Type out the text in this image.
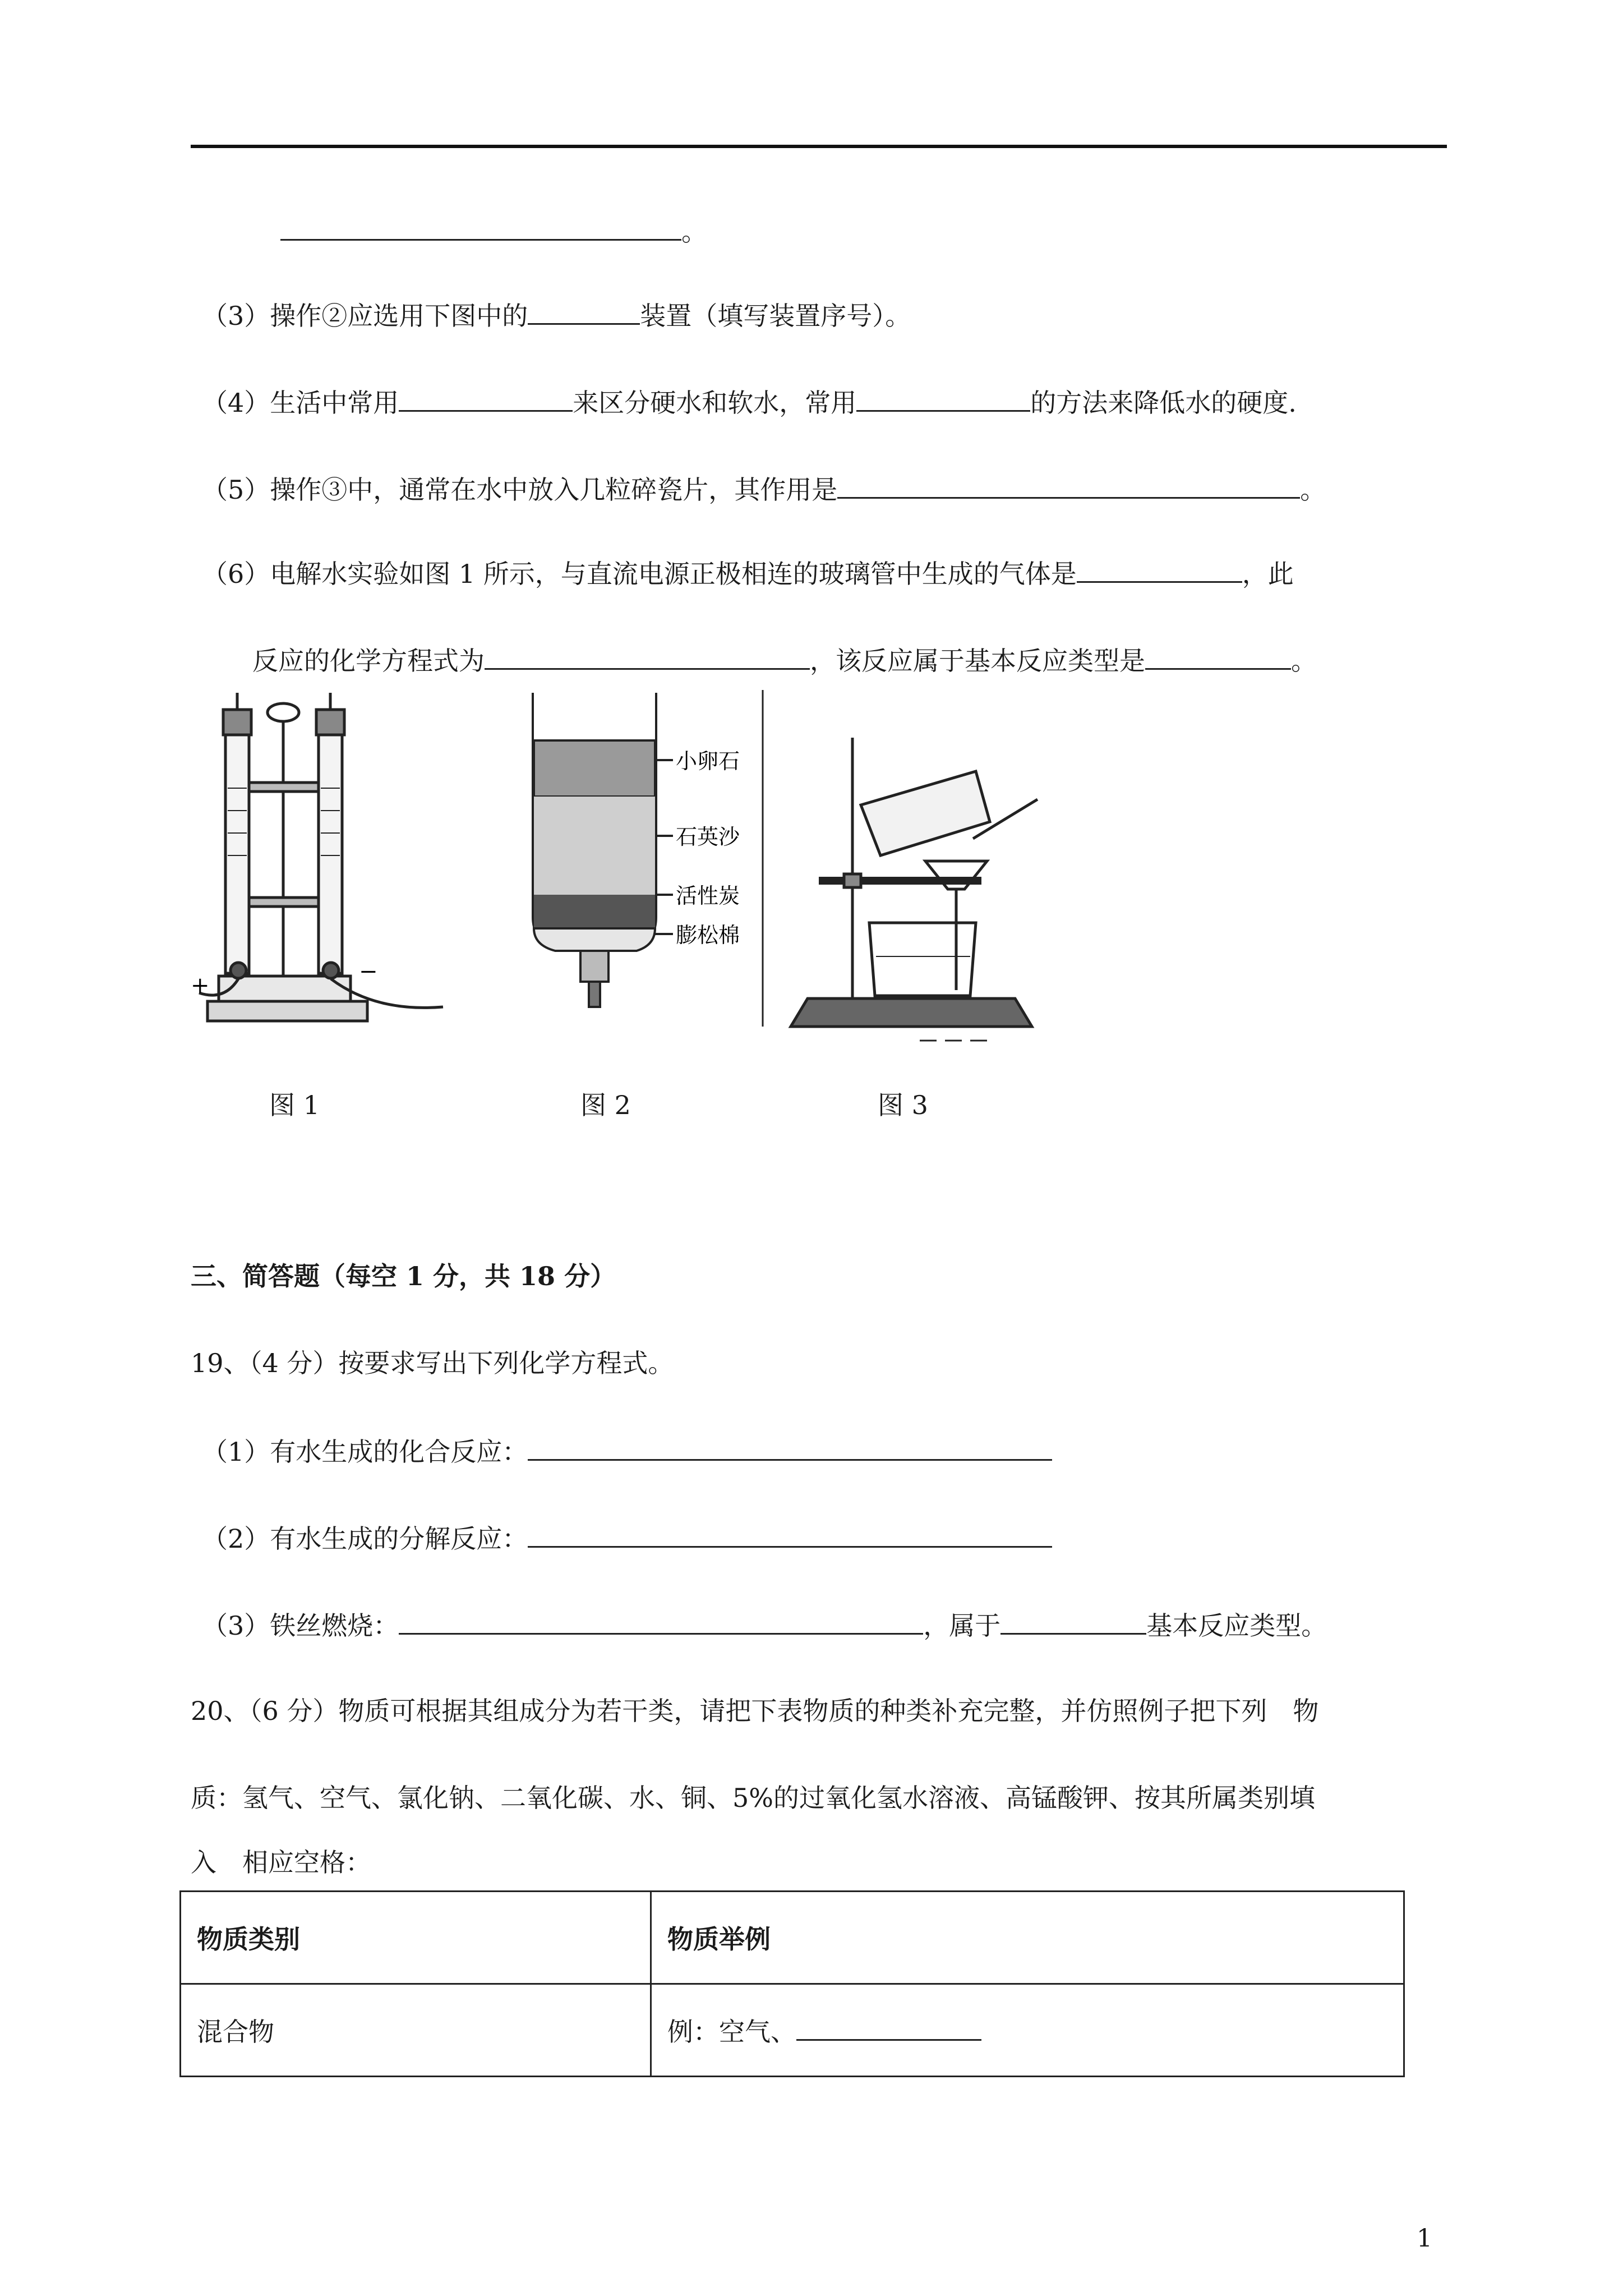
。
（3）操作②应选用下图中的	装置（填写装置序号）。
（4）生活中常用	来区分硬水和软水，常用	的方法来降低水的硬度.
（5）操作③中，通常在水中放入几粒碎瓷片，其作用是	。
（6）电解水实验如图 1 所示，与直流电源正极相连的玻璃管中生成的气体是	，此
反应的化学方程式为	，该反应属于基本反应类型是	。
+
−
小卵石
石英沙
活性炭
膨松棉
图 1	图 2	图 3
三、简答题（每空 1 分，共 18 分）
19、（4 分）按要求写出下列化学方程式。
（1）有水生成的化合反应：
（2）有水生成的分解反应：
（3）铁丝燃烧：	，属于	基本反应类型。
20、（6 分）物质可根据其组成分为若干类，请把下表物质的种类补充完整，并仿照例子把下列　物
质：氢气、空气、氯化钠、二氧化碳、水、铜、5%的过氧化氢水溶液、高锰酸钾、按其所属类别填
入　相应空格：
物质类别	物质举例
混合物	例：空气、
1
